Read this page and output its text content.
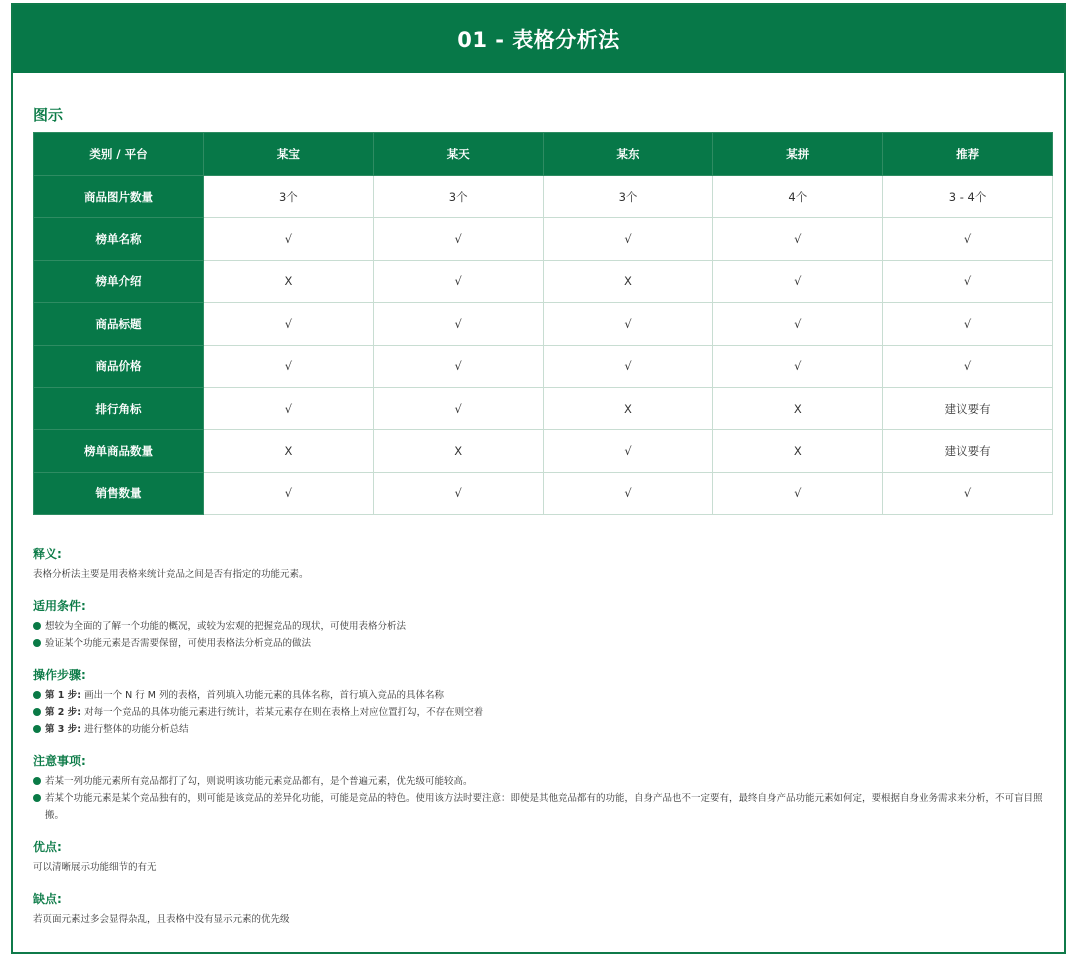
01 - 表格分析法
图示
类别 / 平台	某宝	某天	某东	某拼	推荐
商品图片数量	3个	3个	3个	4个	3 - 4个
榜单名称	√	√	√	√	√
榜单介绍	X	√	X	√	√
商品标题	√	√	√	√	√
商品价格	√	√	√	√	√
排行角标	√	√	X	X	建议要有
榜单商品数量	X	X	√	X	建议要有
销售数量	√	√	√	√	√
释义:

表格分析法主要是用表格来统计竞品之间是否有指定的功能元素。

适用条件:
想较为全面的了解一个功能的概况，或较为宏观的把握竞品的现状，可使用表格分析法
验证某个功能元素是否需要保留，可使用表格法分析竞品的做法
操作步骤:
第 1 步: 画出一个 N 行 M 列的表格，首列填入功能元素的具体名称，首行填入竞品的具体名称
第 2 步: 对每一个竞品的具体功能元素进行统计，若某元素存在则在表格上对应位置打勾，不存在则空着
第 3 步: 进行整体的功能分析总结
注意事项:
若某一列功能元素所有竞品都打了勾，则说明该功能元素竞品都有，是个普遍元素，优先级可能较高。
若某个功能元素是某个竞品独有的，则可能是该竞品的差异化功能，可能是竞品的特色。使用该方法时要注意：即使是其他竞品都有的功能，自身产品也不一定要有，最终自身产品功能元素如何定，要根据自身业务需求来分析，不可盲目照搬。
优点:

可以清晰展示功能细节的有无

缺点:

若页面元素过多会显得杂乱，且表格中没有显示元素的优先级
